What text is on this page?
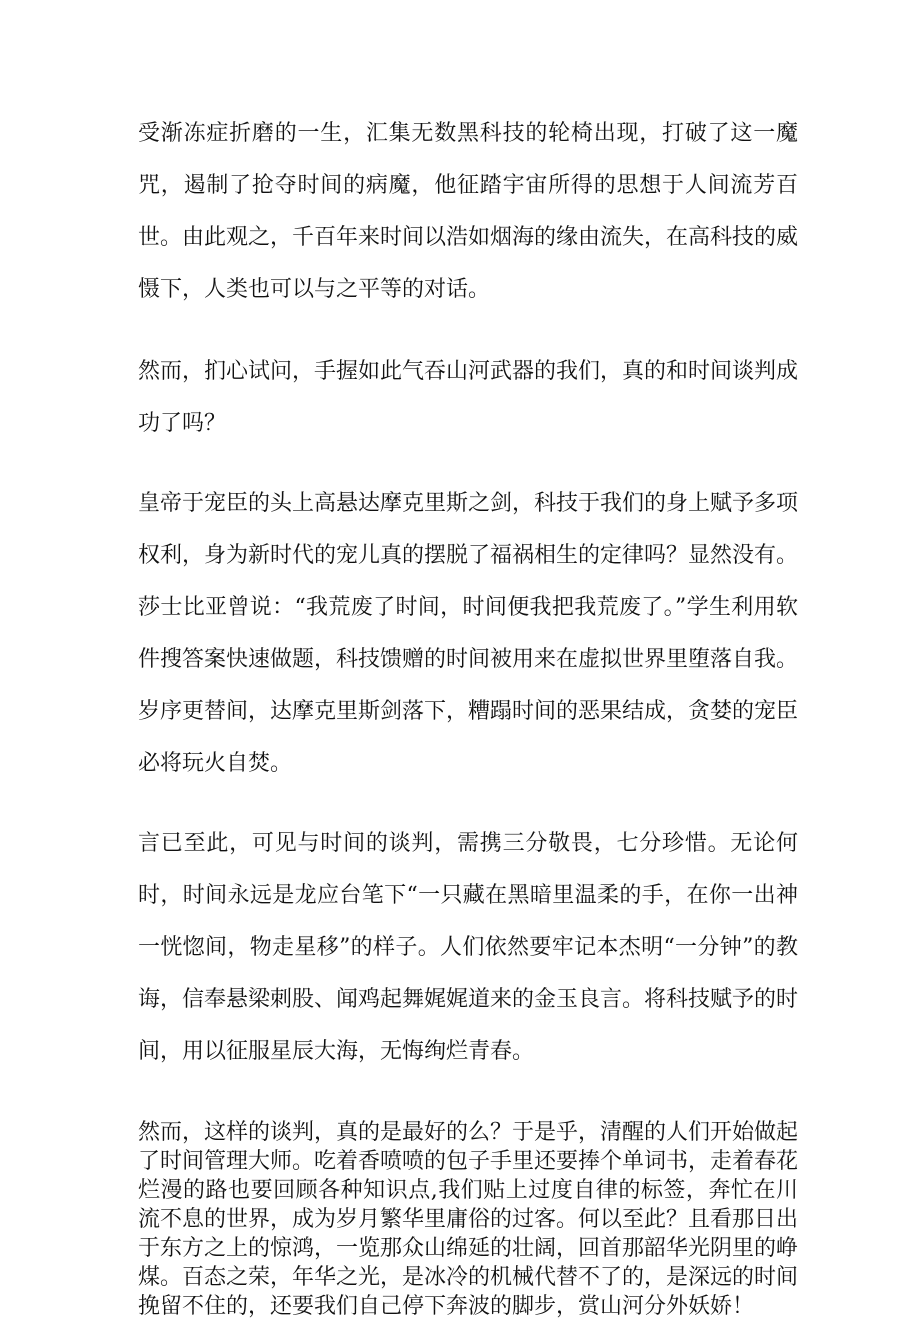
受渐冻症折磨的一生，汇集无数黑科技的轮椅出现，打破了这一魔咒，遏制了抢夺时间的病魔，他征踏宇宙所得的思想于人间流芳百世。由此观之，千百年来时间以浩如烟海的缘由流失，在高科技的威慑下，人类也可以与之平等的对话。

然而，扪心试问，手握如此气吞山河武器的我们，真的和时间谈判成功了吗？

皇帝于宠臣的头上高悬达摩克里斯之剑，科技于我们的身上赋予多项权利，身为新时代的宠儿真的摆脱了福祸相生的定律吗？显然没有。莎士比亚曾说：“我荒废了时间，时间便我把我荒废了。”学生利用软件搜答案快速做题，科技馈赠的时间被用来在虚拟世界里堕落自我。岁序更替间，达摩克里斯剑落下，糟蹋时间的恶果结成，贪婪的宠臣必将玩火自焚。

言已至此，可见与时间的谈判，需携三分敬畏，七分珍惜。无论何时，时间永远是龙应台笔下“一只藏在黑暗里温柔的手，在你一出神一恍惚间，物走星移”的样子。人们依然要牢记本杰明“一分钟”的教诲，信奉悬梁刺股、闻鸡起舞娓娓道来的金玉良言。将科技赋予的时间，用以征服星辰大海，无悔绚烂青春。

然而，这样的谈判，真的是最好的么？于是乎，清醒的人们开始做起了时间管理大师。吃着香喷喷的包子手里还要捧个单词书，走着春花烂漫的路也要回顾各种知识点,我们贴上过度自律的标签，奔忙在川流不息的世界，成为岁月繁华里庸俗的过客。何以至此？且看那日出于东方之上的惊鸿，一览那众山绵延的壮阔，回首那韶华光阴里的峥煤。百态之荣，年华之光，是冰冷的机械代替不了的，是深远的时间挽留不住的，还要我们自己停下奔波的脚步，赏山河分外妖娇！
